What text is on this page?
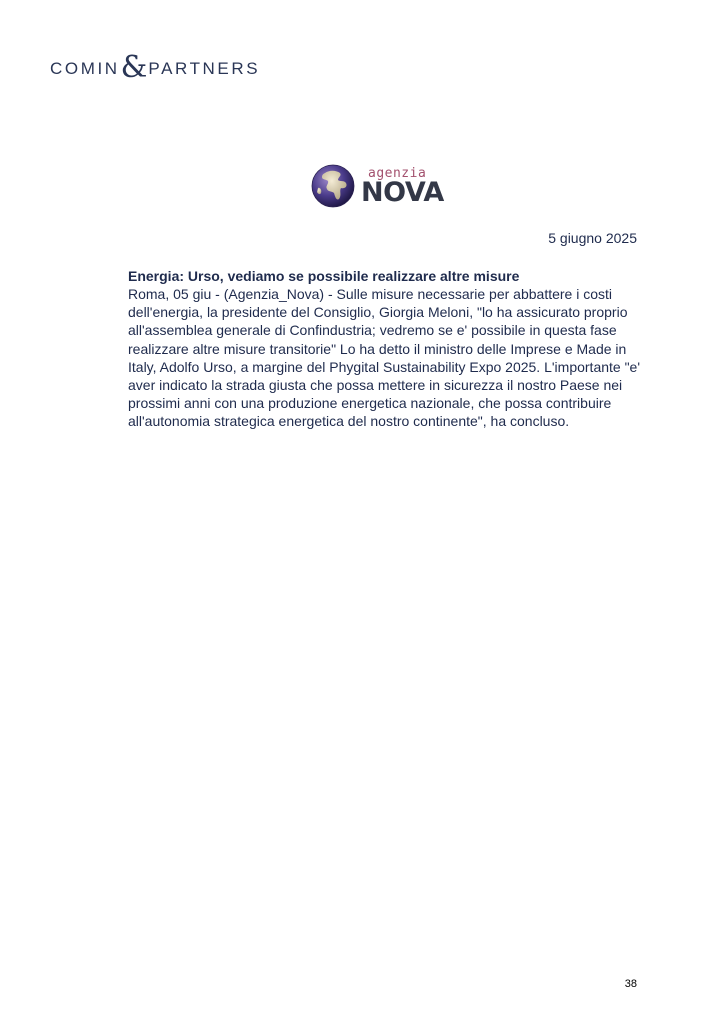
COMIN & PARTNERS
agenzia
NOVA
5 giugno 2025
Energia: Urso, vediamo se possibile realizzare altre misure

Roma, 05 giu - (Agenzia_Nova) - Sulle misure necessarie per abbattere i costi dell'energia, la presidente del Consiglio, Giorgia Meloni, "lo ha assicurato proprio all'assemblea generale di Confindustria; vedremo se e' possibile in questa fase realizzare altre misure transitorie" Lo ha detto il ministro delle Imprese e Made in Italy, Adolfo Urso, a margine del Phygital Sustainability Expo 2025. L'importante "e' aver indicato la strada giusta che possa mettere in sicurezza il nostro Paese nei prossimi anni con una produzione energetica nazionale, che possa contribuire all'autonomia strategica energetica del nostro continente", ha concluso.

38
